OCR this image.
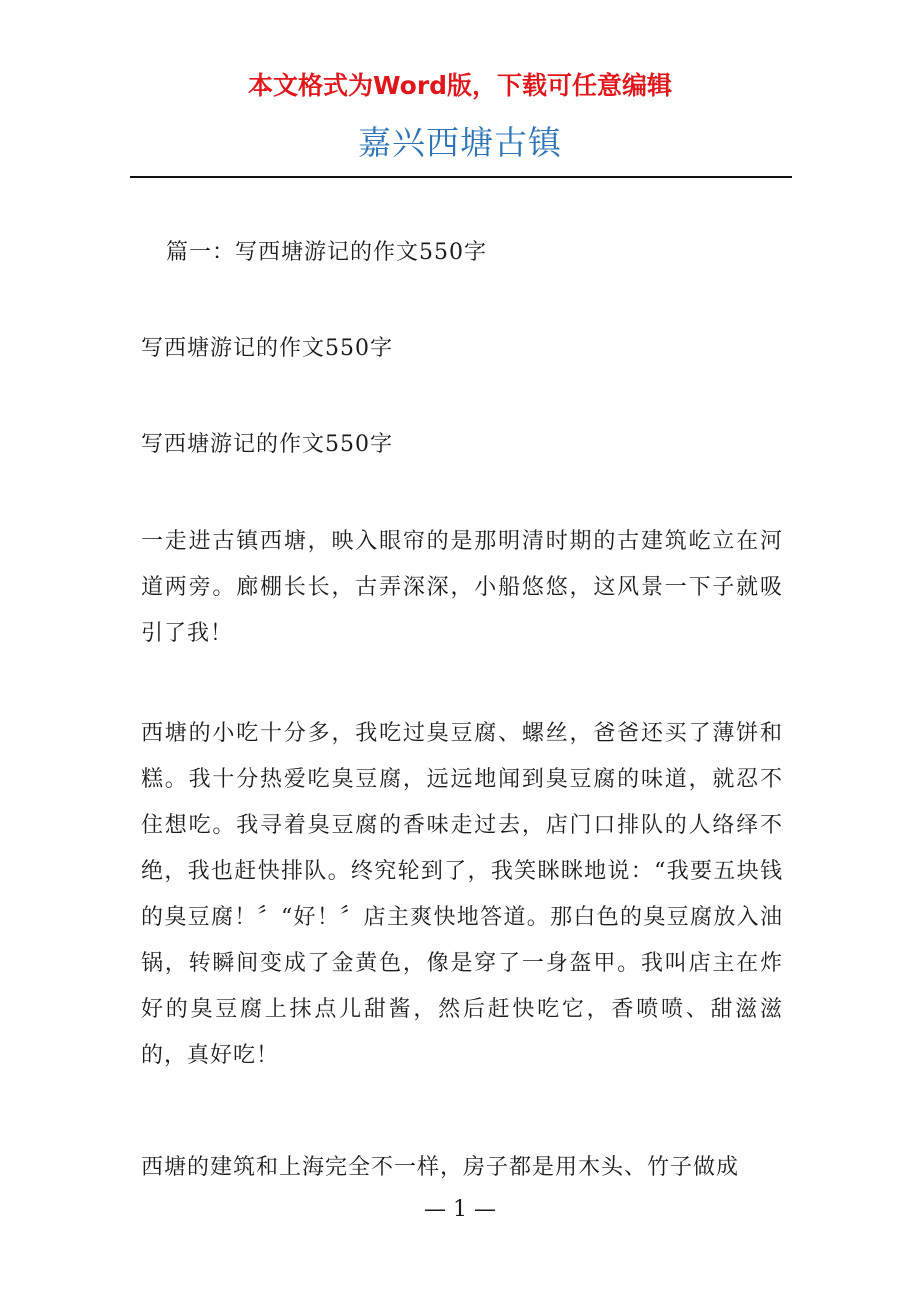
本文格式为Word版，下载可任意编辑
嘉兴西塘古镇
篇一：写西塘游记的作文550字
写西塘游记的作文550字
写西塘游记的作文550字

一走进古镇西塘，映入眼帘的是那明清时期的古建筑屹立在河道两旁。廊棚长长，古弄深深，小船悠悠，这风景一下子就吸引了我！

西塘的小吃十分多，我吃过臭豆腐、螺丝，爸爸还买了薄饼和糕。我十分热爱吃臭豆腐，远远地闻到臭豆腐的味道，就忍不住想吃。我寻着臭豆腐的香味走过去，店门口排队的人络绎不绝，我也赶快排队。终究轮到了，我笑眯眯地说：“我要五块钱的臭豆腐！〞“好！〞店主爽快地答道。那白色的臭豆腐放入油锅，转瞬间变成了金黄色，像是穿了一身盔甲。我叫店主在炸好的臭豆腐上抹点儿甜酱，然后赶快吃它，香喷喷、甜滋滋的，真好吃！

西塘的建筑和上海完全不一样，房子都是用木头、竹子做成

— 1 —
